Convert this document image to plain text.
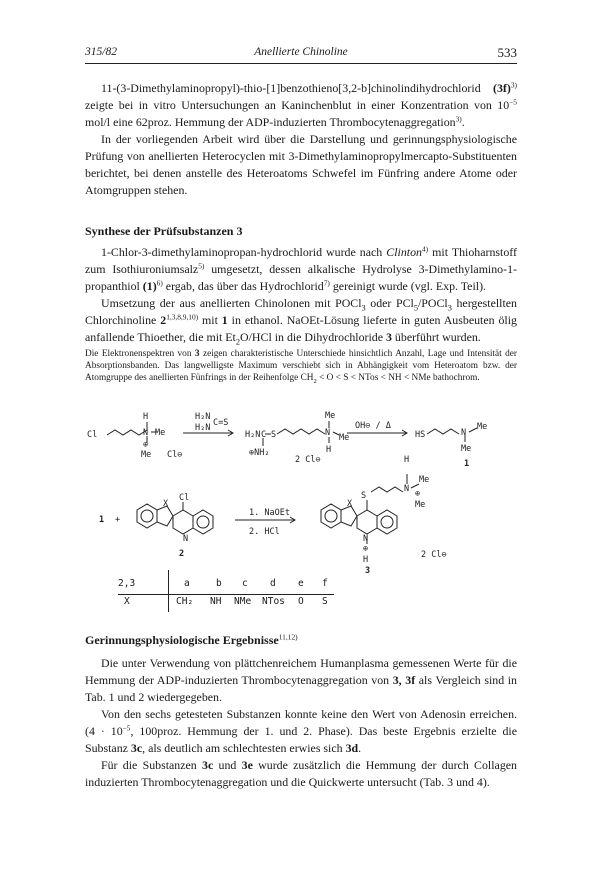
315/82	Anellierte Chinoline	533

11-(3-Dimethylaminopropyl)-thio-[1]benzothieno[3,2-b]chinolindihydrochlorid $(3f)^{3)}$ zeigte bei in vitro Untersuchungen an Kaninchenblut in einer Konzentration von $10^{-5}$ mol/l eine 62proz. Hemmung der ADP-induzierten Thrombocytenaggregation$^{3)}$.

In der vorliegenden Arbeit wird über die Darstellung und gerinnungsphysiologische Prüfung von anellierten Heterocyclen mit 3-Dimethylaminopropylmercapto-Substituenten berichtet, bei denen anstelle des Heteroatoms Schwefel im Fünfring andere Atome oder Atomgruppen stehen.

Synthese der Prüfsubstanzen 3

1-Chlor-3-dimethylaminopropan-hydrochlorid wurde nach Clinton$^{4)}$ mit Thioharnstoff zum Isothiuroniumsalz$^{5)}$ umgesetzt, dessen alkalische Hydrolyse 3-Dimethylamino-1-propanthiol $(1)^{6)}$ ergab, das über das Hydrochlorid$^{7)}$ gereinigt wurde (vgl. Exp. Teil).

Umsetzung der aus anellierten Chinolonen mit POCl$_3$ oder PCl$_5$/POCl$_3$ hergestellten Chlorchinoline 2$^{1,3,8,9,10)}$ mit 1 in ethanol. NaOEt-Lösung lieferte in guten Ausbeuten ölig anfallende Thioether, die mit $Et_2O$/HCl in die Dihydrochloride 3 überführt wurden.

Die Elektronenspektren von 3 zeigen charakteristische Unterschiede hinsichtlich Anzahl, Lage und Intensität der Absorptionsbanden. Das langwelligste Maximum verschiebt sich in Abhängigkeit vom Heteroatom bzw. der Atomgruppe des anellierten Fünfrings in der Reihenfolge $CH_2 < O < S$ < NTos < NH < NMe bathochrom.

Cl
H
N Me
⊕
Me Cl⊖
H₂N
C=S
H₂N
H₂N C S
⊕NH₂
Me
N Me
H
2 Cl⊖
OH⊖ / Δ
HS	N
Me
Me
1
1 +
Cl
X
N
2
1. NaOEt
2. HCl
S
X
N
⊕
H
H
N
Me
Me
⊕
2 Cl⊖
3
2,3	a	b c d e f
X	CH₂ NH NMe NTos O S
Gerinnungsphysiologische Ergebnisse$^{11,12)}$

Die unter Verwendung von plättchenreichem Humanplasma gemessenen Werte für die Hemmung der ADP-induzierten Thrombocytenaggregation von 3, 3f als Vergleich sind in Tab. 1 und 2 wiedergegeben.

Von den sechs getesteten Substanzen konnte keine den Wert von Adenosin erreichen. ($4 \cdot 10^{-5}$, 100proz. Hemmung der 1. und 2. Phase). Das beste Ergebnis erzielte die Substanz 3c, als deutlich am schlechtesten erwies sich 3d.

Für die Substanzen 3c und 3e wurde zusätzlich die Hemmung der durch Collagen induzierten Thrombocytenaggregation und die Quickwerte untersucht (Tab. 3 und 4).
